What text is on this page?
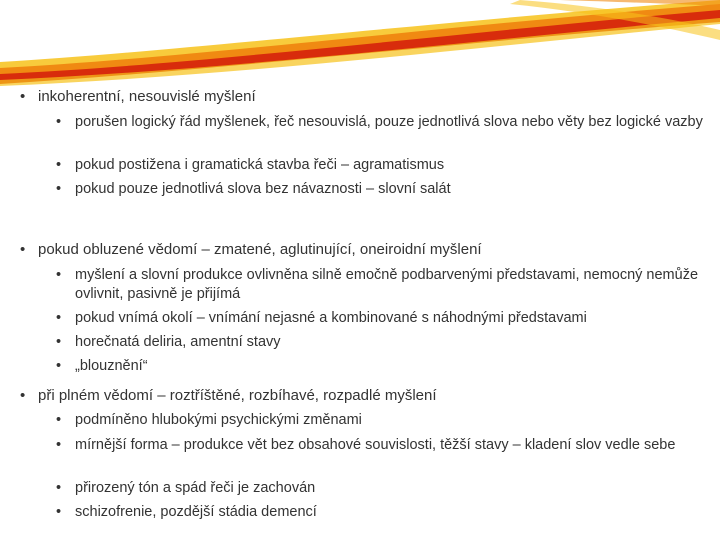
• inkoherentní, nesouvislé myšlení

• porušen logický řád myšlenek, řeč nesouvislá, pouze jednotlivá slova nebo věty bez logické vazby

• pokud postižena i gramatická stavba řeči – agramatismus

• pokud pouze jednotlivá slova bez návaznosti – slovní salát

• pokud obluzené vědomí – zmatené, aglutinující, oneiroidní myšlení

• myšlení a slovní produkce ovlivněna silně emočně podbarvenými představami, nemocný nemůže ovlivnit, pasivně je přijímá

• pokud vnímá okolí – vnímání nejasné a kombinované s náhodnými představami

• horečnatá deliria, amentní stavy

• „blouznění“

• při plném vědomí – roztříštěné, rozbíhavé, rozpadlé myšlení

• podmíněno hlubokými psychickými změnami

• mírnější forma – produkce vět bez obsahové souvislosti, těžší stavy – kladení slov vedle sebe

• přirozený tón a spád řeči je zachován

• schizofrenie, pozdější stádia demencí
